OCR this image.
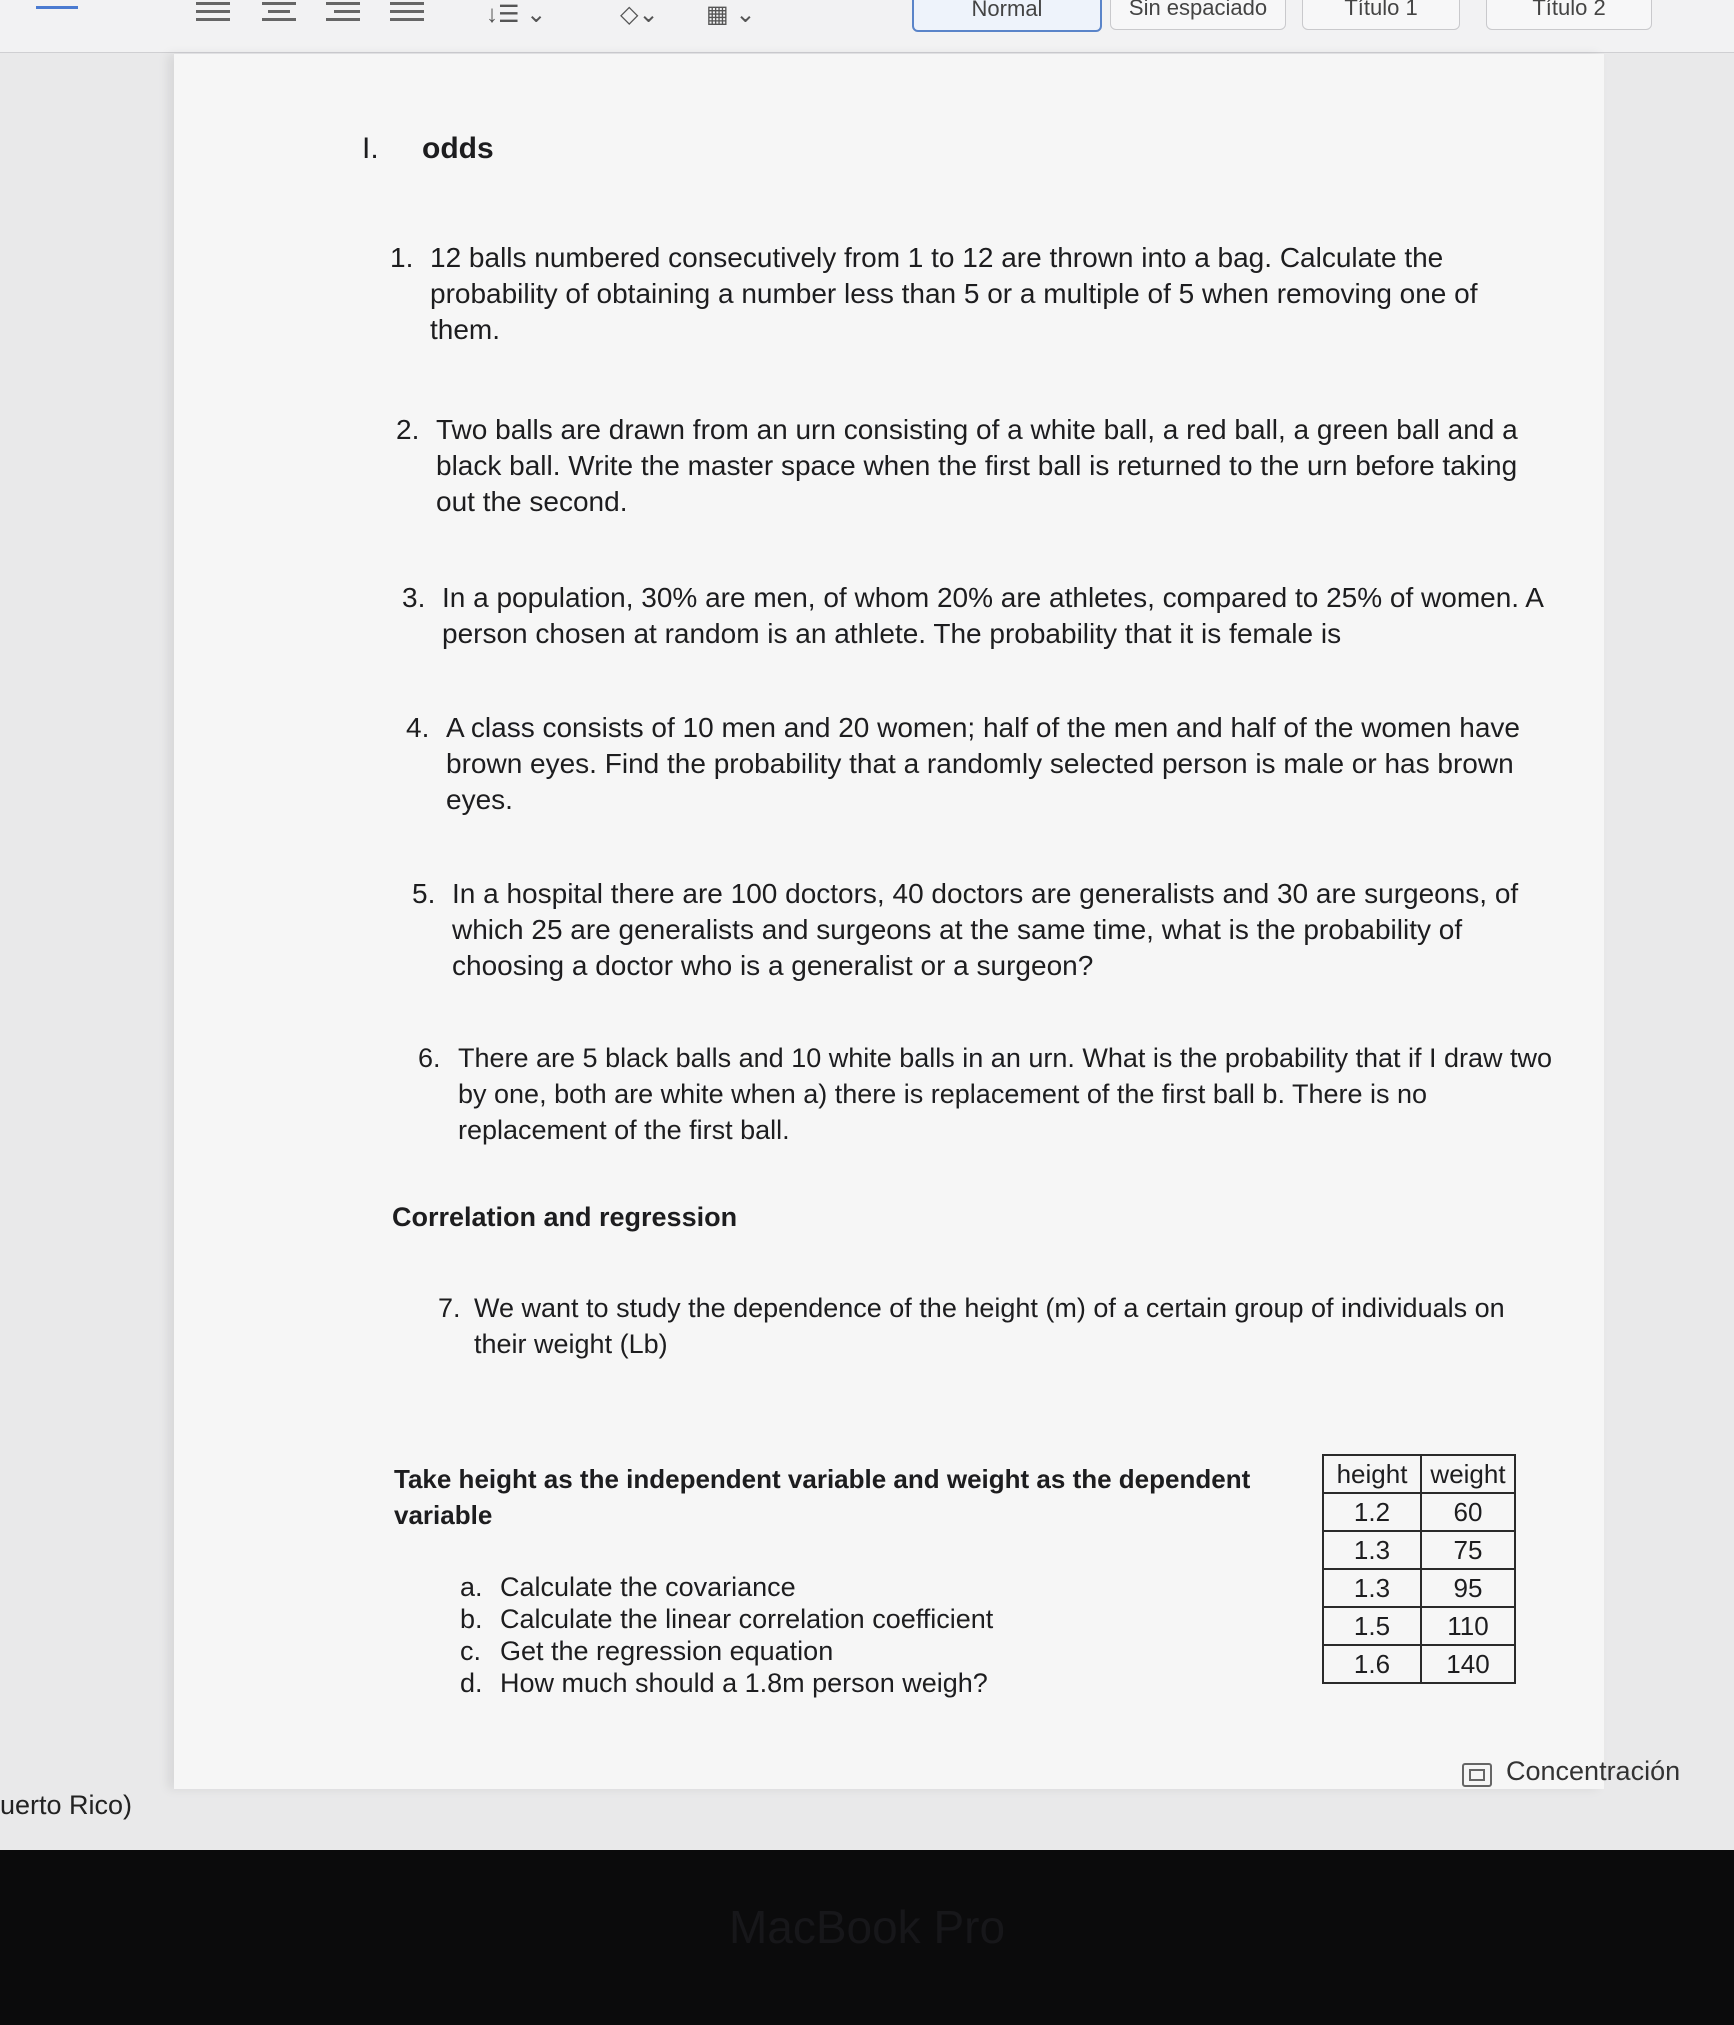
↓☰ ⌄	◇⌄ ▦ ⌄	Normal	Sin espaciado	Título 1	Título 2
I. odds
1. 12 balls numbered consecutively from 1 to 12 are thrown into a bag. Calculate the
probability of obtaining a number less than 5 or a multiple of 5 when removing one of
them.
2. Two balls are drawn from an urn consisting of a white ball, a red ball, a green ball and a
black ball. Write the master space when the first ball is returned to the urn before taking
out the second.
3. In a population, 30% are men, of whom 20% are athletes, compared to 25% of women. A
person chosen at random is an athlete. The probability that it is female is
4. A class consists of 10 men and 20 women; half of the men and half of the women have
brown eyes. Find the probability that a randomly selected person is male or has brown
eyes.
5. In a hospital there are 100 doctors, 40 doctors are generalists and 30 are surgeons, of
which 25 are generalists and surgeons at the same time, what is the probability of
choosing a doctor who is a generalist or a surgeon?
6. There are 5 black balls and 10 white balls in an urn. What is the probability that if I draw two
by one, both are white when a) there is replacement of the first ball b. There is no
replacement of the first ball.
Correlation and regression
7. We want to study the dependence of the height (m) of a certain group of individuals on
their weight (Lb)
Take height as the independent variable and weight as the dependent
variable
a. Calculate the covariance
b. Calculate the linear correlation coefficient
c. Get the regression equation
d. How much should a 1.8m person weigh?
height	weight
1.2	60
1.3	75
1.3	95
1.5	110
1.6	140
Concentración
uerto Rico)
MacBook Pro
